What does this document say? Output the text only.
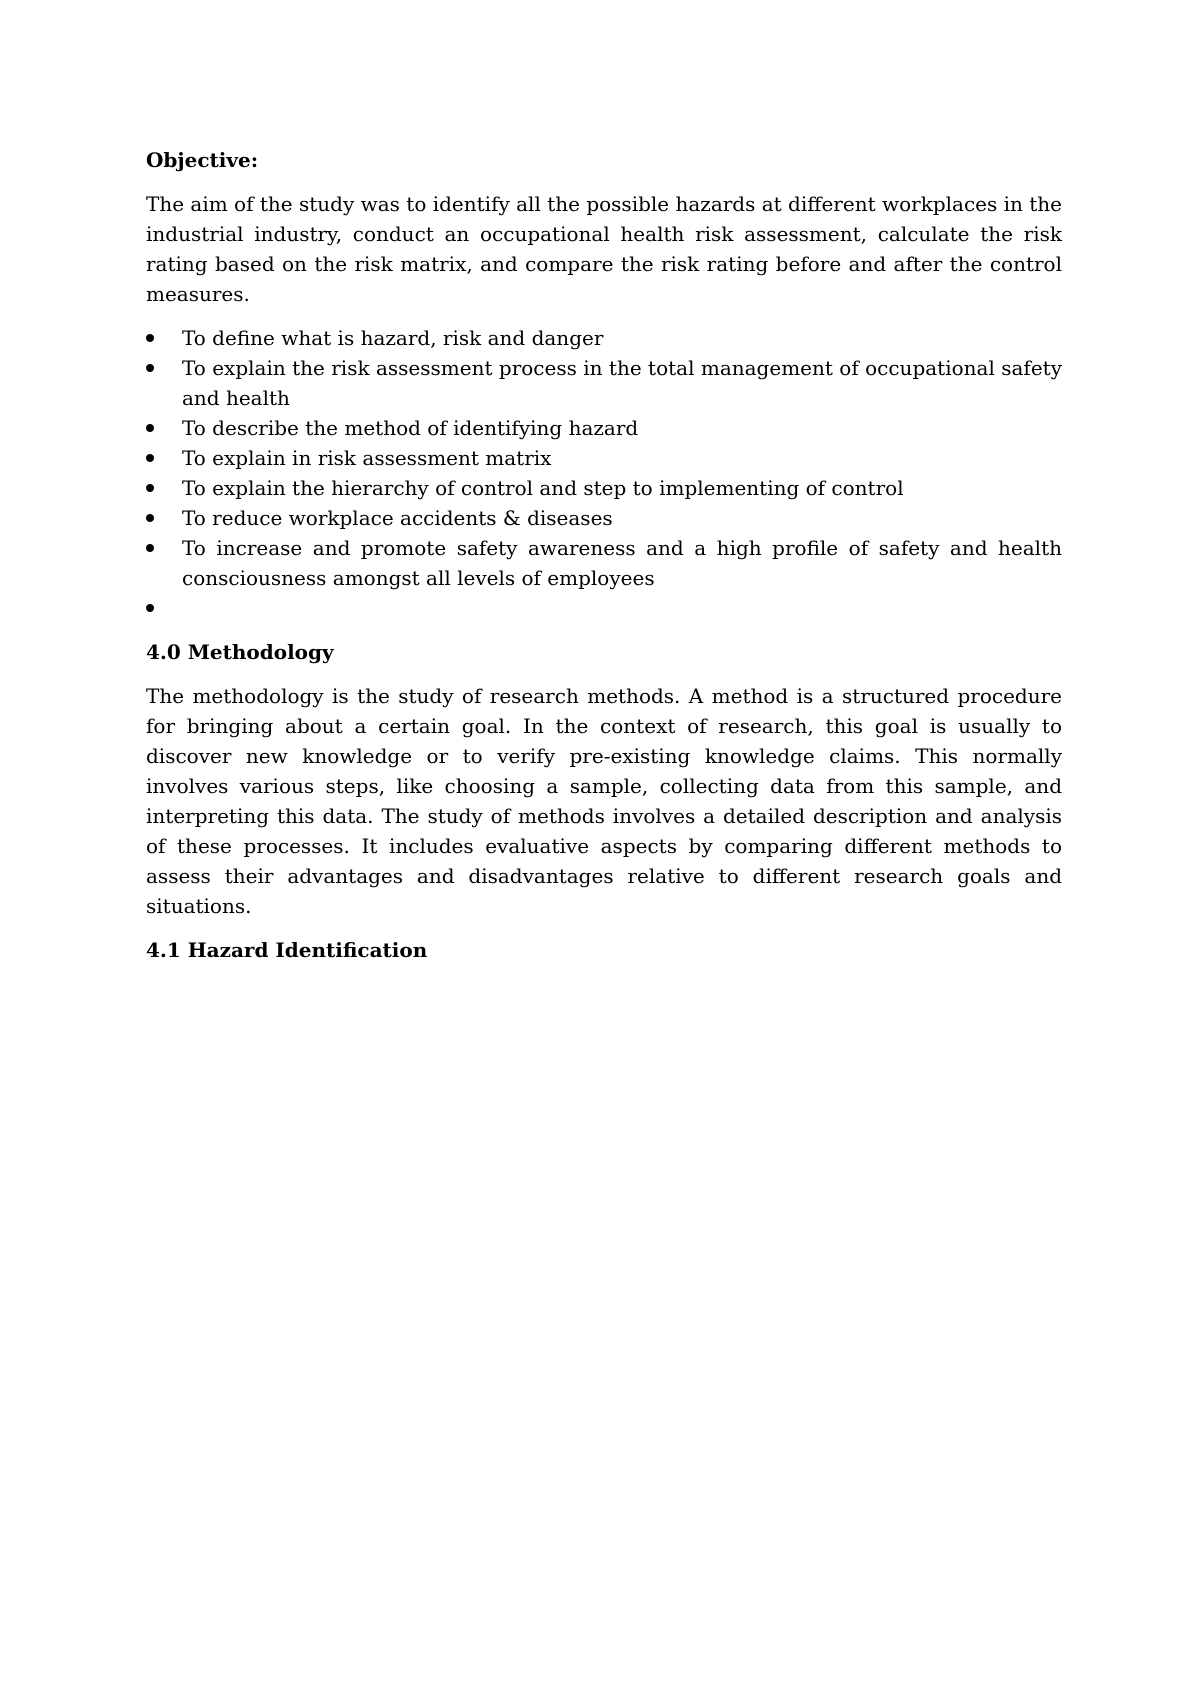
Objective:
The aim of the study was to identify all the possible hazards at different workplaces in the industrial industry, conduct an occupational health risk assessment, calculate the risk rating based on the risk matrix, and compare the risk rating before and after the control measures.
To define what is hazard, risk and danger
To explain the risk assessment process in the total management of occupational safety and health
To describe the method of identifying hazard
To explain in risk assessment matrix
To explain the hierarchy of control and step to implementing of control
To reduce workplace accidents & diseases
To increase and promote safety awareness and a high profile of safety and health consciousness amongst all levels of employees

4.0 Methodology
The methodology is the study of research methods. A method is a structured procedure for bringing about a certain goal. In the context of research, this goal is usually to discover new knowledge or to verify pre-existing knowledge claims. This normally involves various steps, like choosing a sample, collecting data from this sample, and interpreting this data. The study of methods involves a detailed description and analysis of these processes. It includes evaluative aspects by comparing different methods to assess their advantages and disadvantages relative to different research goals and situations.
4.1 Hazard Identification
